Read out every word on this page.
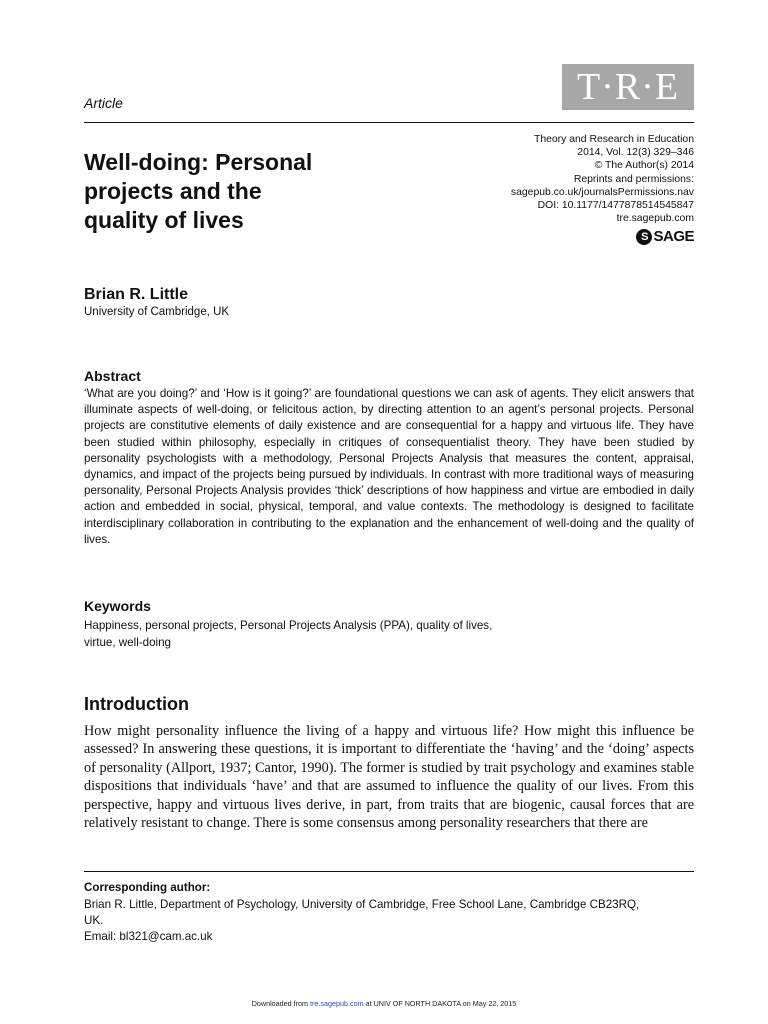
T·R·E
Article
Theory and Research in Education
2014, Vol. 12(3) 329–346
© The Author(s) 2014
Reprints and permissions:
sagepub.co.uk/journalsPermissions.nav
DOI: 10.1177/1477878514545847
tre.sagepub.com
S SAGE
Well-doing: Personal
projects and the
quality of lives
Brian R. Little
University of Cambridge, UK
Abstract

‘What are you doing?’ and ‘How is it going?’ are foundational questions we can ask of agents. They elicit answers that illuminate aspects of well-doing, or felicitous action, by directing attention to an agent’s personal projects. Personal projects are constitutive elements of daily existence and are consequential for a happy and virtuous life. They have been studied within philosophy, especially in critiques of consequentialist theory. They have been studied by personality psychologists with a methodology, Personal Projects Analysis that measures the content, appraisal, dynamics, and impact of the projects being pursued by individuals. In contrast with more traditional ways of measuring personality, Personal Projects Analysis provides ‘thick’ descriptions of how happiness and virtue are embodied in daily action and embedded in social, physical, temporal, and value contexts. The methodology is designed to facilitate interdisciplinary collaboration in contributing to the explanation and the enhancement of well-doing and the quality of lives.

Keywords
Happiness, personal projects, Personal Projects Analysis (PPA), quality of lives,
virtue, well-doing
Introduction

How might personality influence the living of a happy and virtuous life? How might this influence be assessed? In answering these questions, it is important to differentiate the ‘having’ and the ‘doing’ aspects of personality (Allport, 1937; Cantor, 1990). The former is studied by trait psychology and examines stable dispositions that individuals ‘have’ and that are assumed to influence the quality of our lives. From this perspective, happy and virtuous lives derive, in part, from traits that are biogenic, causal forces that are relatively resistant to change. There is some consensus among personality researchers that there are

Corresponding author:
Brian R. Little, Department of Psychology, University of Cambridge, Free School Lane, Cambridge CB23RQ,
UK.
Email: bl321@cam.ac.uk
Downloaded from tre.sagepub.com at UNIV OF NORTH DAKOTA on May 22, 2015
